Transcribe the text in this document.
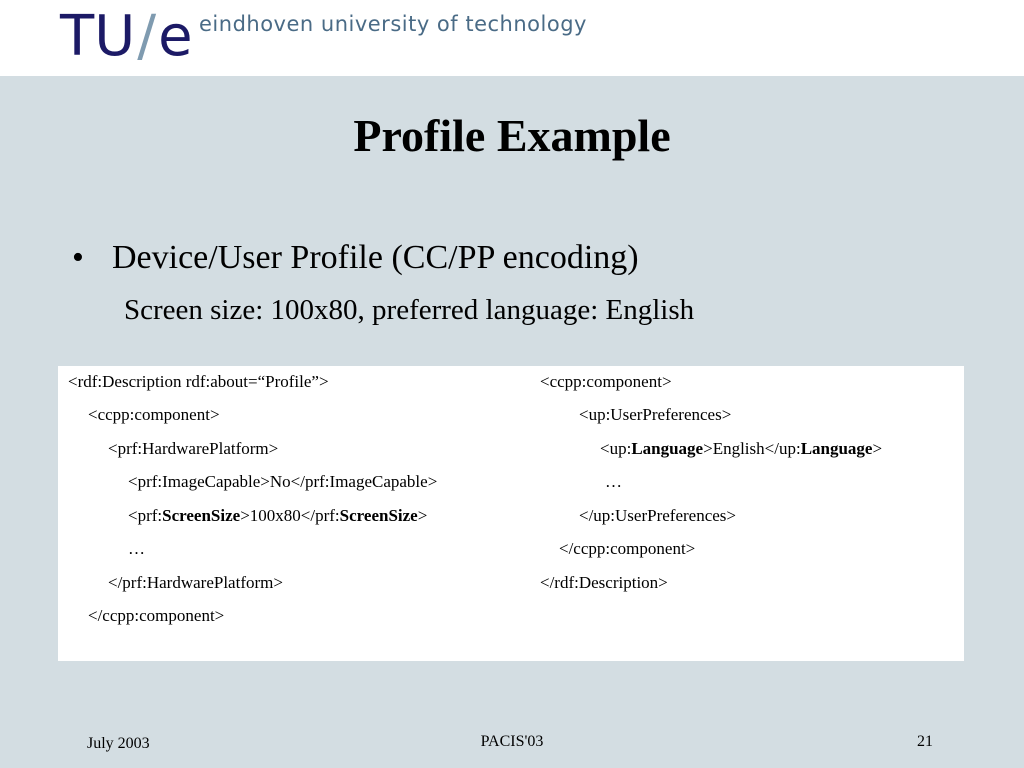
TU/e eindhoven university of technology
Profile Example
• Device/User Profile (CC/PP encoding)
Screen size: 100x80, preferred language: English
<rdf:Description rdf:about=“Profile”>
<ccpp:component>
<prf:HardwarePlatform>
<prf:ImageCapable>No</prf:ImageCapable>
<prf:ScreenSize>100x80</prf:ScreenSize>
…
</prf:HardwarePlatform>
</ccpp:component>
<ccpp:component>
<up:UserPreferences>
<up:Language>English</up:Language>
…
</up:UserPreferences>
</ccpp:component>
</rdf:Description>
July 2003	PACIS'03	21
